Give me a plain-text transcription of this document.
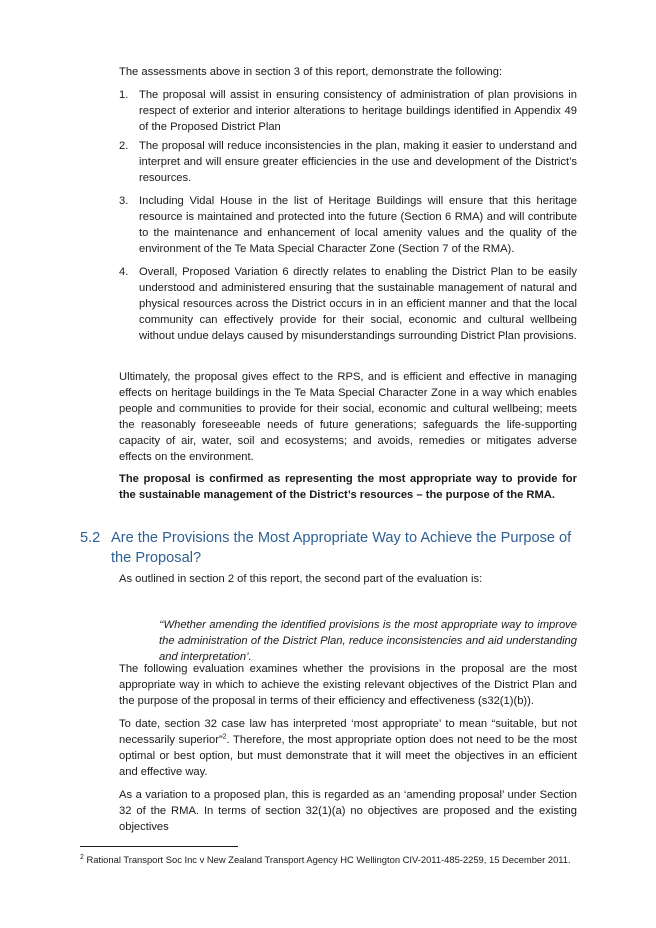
The assessments above in section 3 of this report, demonstrate the following:

1. The proposal will assist in ensuring consistency of administration of plan provisions in respect of exterior and interior alterations to heritage buildings identified in Appendix 49 of the Proposed District Plan
2. The proposal will reduce inconsistencies in the plan, making it easier to understand and interpret and will ensure greater efficiencies in the use and development of the District’s resources.
3. Including Vidal House in the list of Heritage Buildings will ensure that this heritage resource is maintained and protected into the future (Section 6 RMA) and will contribute to the maintenance and enhancement of local amenity values and the quality of the environment of the Te Mata Special Character Zone (Section 7 of the RMA).
4. Overall, Proposed Variation 6 directly relates to enabling the District Plan to be easily understood and administered ensuring that the sustainable management of natural and physical resources across the District occurs in in an efficient manner and that the local community can effectively provide for their social, economic and cultural wellbeing without undue delays caused by misunderstandings surrounding District Plan provisions.

Ultimately, the proposal gives effect to the RPS, and is efficient and effective in managing effects on heritage buildings in the Te Mata Special Character Zone in a way which enables people and communities to provide for their social, economic and cultural wellbeing; meets the reasonably foreseeable needs of future generations; safeguards the life-supporting capacity of air, water, soil and ecosystems; and avoids, remedies or mitigates adverse effects on the environment.

The proposal is confirmed as representing the most appropriate way to provide for the sustainable management of the District’s resources – the purpose of the RMA.

5.2 Are the Provisions the Most Appropriate Way to Achieve the Purpose of the Proposal?

As outlined in section 2 of this report, the second part of the evaluation is:

‘‘Whether amending the identified provisions is the most appropriate way to improve the administration of the District Plan, reduce inconsistencies and aid understanding and interpretation’.

The following evaluation examines whether the provisions in the proposal are the most appropriate way in which to achieve the existing relevant objectives of the District Plan and the purpose of the proposal in terms of their efficiency and effectiveness (s32(1)(b)).

To date, section 32 case law has interpreted ‘most appropriate’ to mean “suitable, but not necessarily superior”$^2$. Therefore, the most appropriate option does not need to be the most optimal or best option, but must demonstrate that it will meet the objectives in an efficient and effective way.

As a variation to a proposed plan, this is regarded as an ‘amending proposal’ under Section 32 of the RMA. In terms of section 32(1)(a) no objectives are proposed and the existing objectives

$^2$ Rational Transport Soc Inc v New Zealand Transport Agency HC Wellington CIV-2011-485-2259, 15 December 2011.
